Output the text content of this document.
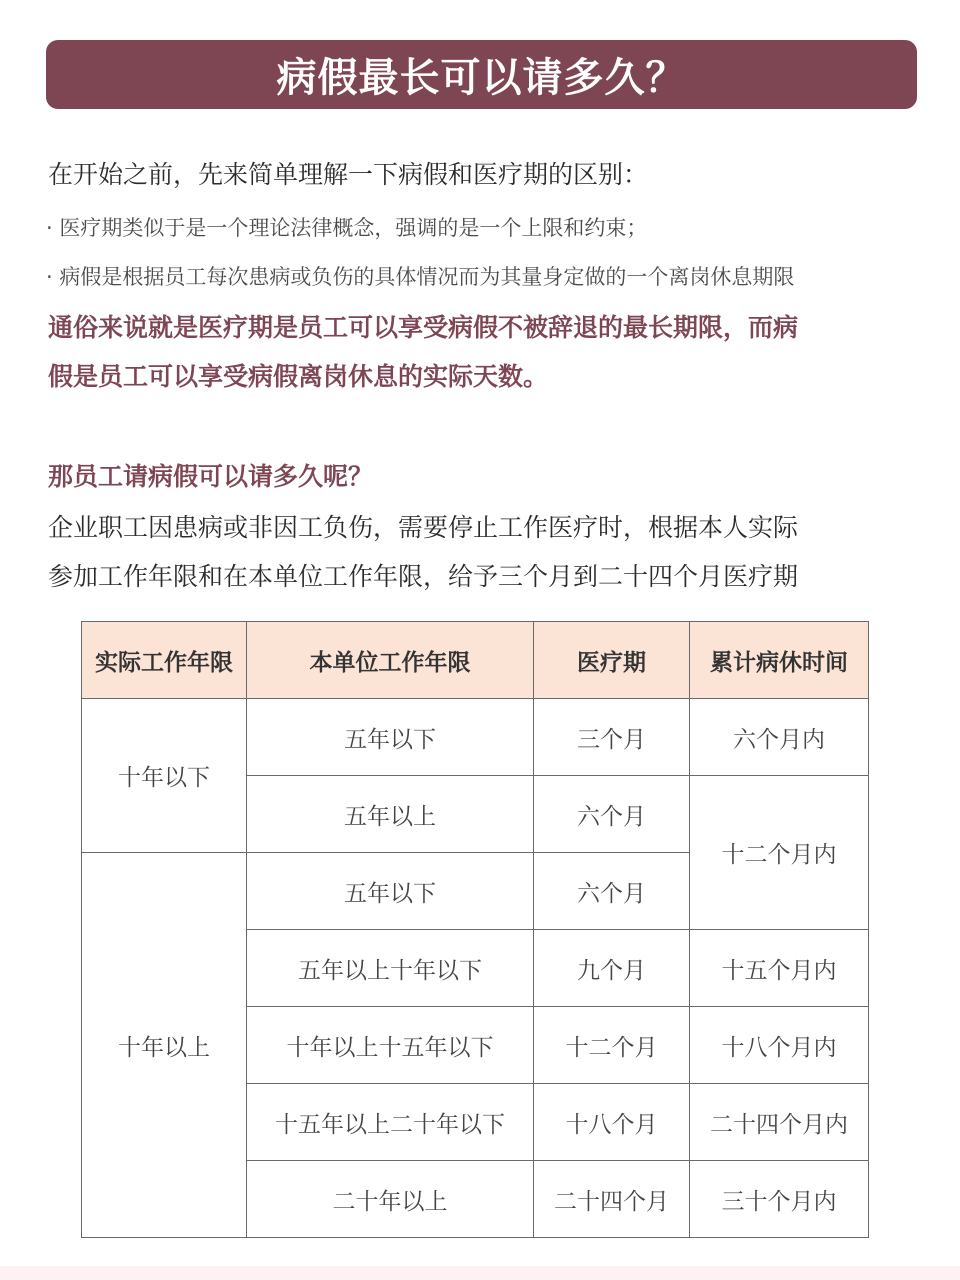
病假最长可以请多久？
在开始之前，先来简单理解一下病假和医疗期的区别：
· 医疗期类似于是一个理论法律概念，强调的是一个上限和约束；
· 病假是根据员工每次患病或负伤的具体情况而为其量身定做的一个离岗休息期限
通俗来说就是医疗期是员工可以享受病假不被辞退的最长期限，而病
假是员工可以享受病假离岗休息的实际天数。
那员工请病假可以请多久呢？
企业职工因患病或非因工负伤，需要停止工作医疗时，根据本人实际
参加工作年限和在本单位工作年限，给予三个月到二十四个月医疗期
实际工作年限	本单位工作年限	医疗期	累计病休时间
十年以下	五年以下	三个月	六个月内
	五年以上	六个月	十二个月内
十年以上	五年以下	六个月	
	五年以上十年以下	九个月	十五个月内
	十年以上十五年以下	十二个月	十八个月内
	十五年以上二十年以下	十八个月	二十四个月内
	二十年以上	二十四个月	三十个月内
